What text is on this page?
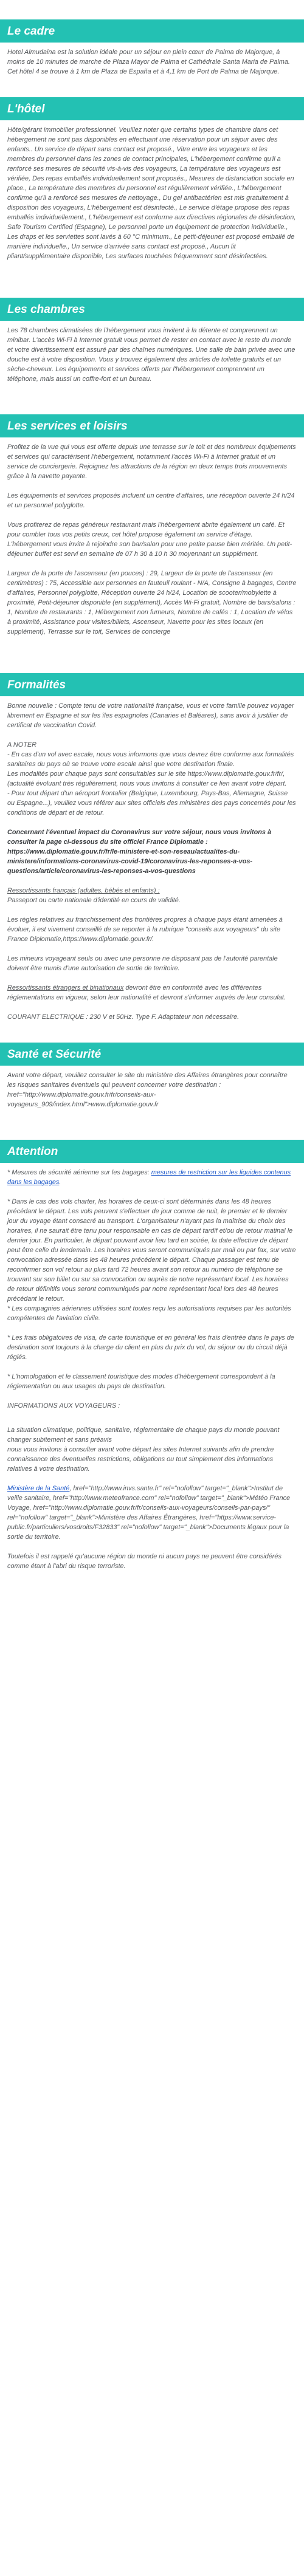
Le cadre

Hotel Almudaina est la solution idéale pour un séjour en plein cœur de Palma de Majorque, à moins de 10 minutes de marche de Plaza Mayor de Palma et Cathédrale Santa Maria de Palma. Cet hôtel 4 se trouve à 1 km de Plaza de España et à 4,1 km de Port de Palma de Majorque.

L'hôtel

Hôte/gérant immobilier professionnel. Veuillez noter que certains types de chambre dans cet hébergement ne sont pas disponibles en effectuant une réservation pour un séjour avec des enfants.. Un service de départ sans contact est proposé., Vitre entre les voyageurs et les membres du personnel dans les zones de contact principales, L'hébergement confirme qu'il a renforcé ses mesures de sécurité vis-à-vis des voyageurs, La température des voyageurs est vérifiée, Des repas emballés individuellement sont proposés., Mesures de distanciation sociale en place., La température des membres du personnel est régulièrement vérifiée., L'hébergement confirme qu'il a renforcé ses mesures de nettoyage., Du gel antibactérien est mis gratuitement à disposition des voyageurs, L'hébergement est désinfecté., Le service d'étage propose des repas emballés individuellement., L'hébergement est conforme aux directives régionales de désinfection, Safe Tourism Certified (Espagne), Le personnel porte un équipement de protection individuelle., Les draps et les serviettes sont lavés à 60 °C minimum., Le petit-déjeuner est proposé emballé de manière individuelle., Un service d'arrivée sans contact est proposé., Aucun lit pliant/supplémentaire disponible, Les surfaces touchées fréquemment sont désinfectées.

Les chambres

Les 78 chambres climatisées de l'hébergement vous invitent à la détente et comprennent un minibar. L'accès Wi-Fi à Internet gratuit vous permet de rester en contact avec le reste du monde et votre divertissement est assuré par des chaînes numériques. Une salle de bain privée avec une douche est à votre disposition. Vous y trouvez également des articles de toilette gratuits et un sèche-cheveux. Les équipements et services offerts par l'hébergement comprennent un téléphone, mais aussi un coffre-fort et un bureau.

Les services et loisirs

Profitez de la vue qui vous est offerte depuis une terrasse sur le toit et des nombreux équipements et services qui caractérisent l'hébergement, notamment l'accès Wi-Fi à Internet gratuit et un service de conciergerie. Rejoignez les attractions de la région en deux temps trois mouvements grâce à la navette payante.

Les équipements et services proposés incluent un centre d'affaires, une réception ouverte 24 h/24 et un personnel polyglotte.

Vous profiterez de repas généreux restaurant mais l'hébergement abrite également un café. Et pour combler tous vos petits creux, cet hôtel propose également un service d'étage. L'hébergement vous invite à rejoindre son bar/salon pour une petite pause bien méritée. Un petit-déjeuner buffet est servi en semaine de 07 h 30 à 10 h 30 moyennant un supplément.

Largeur de la porte de l'ascenseur (en pouces) : 29, Largeur de la porte de l'ascenseur (en centimètres) : 75, Accessible aux personnes en fauteuil roulant - N/A, Consigne à bagages, Centre d'affaires, Personnel polyglotte, Réception ouverte 24 h/24, Location de scooter/mobylette à proximité, Petit-déjeuner disponible (en supplément), Accès Wi-Fi gratuit, Nombre de bars/salons : 1, Nombre de restaurants : 1, Hébergement non fumeurs, Nombre de cafés : 1, Location de vélos à proximité, Assistance pour visites/billets, Ascenseur, Navette pour les sites locaux (en supplément), Terrasse sur le toit, Services de concierge

Formalités

Bonne nouvelle : Compte tenu de votre nationalité française, vous et votre famille pouvez voyager librement en Espagne et sur les îles espagnoles (Canaries et Baléares), sans avoir à justifier de certificat de vaccination Covid.

A NOTER

- En cas d'un vol avec escale, nous vous informons que vous devrez être conforme aux formalités sanitaires du pays où se trouve votre escale ainsi que votre destination finale.
Les modalités pour chaque pays sont consultables sur le site https://www.diplomatie.gouv.fr/fr/, (actualité évoluant très régulièrement, nous vous invitons à consulter ce lien avant votre départ.
- Pour tout départ d'un aéroport frontalier (Belgique, Luxembourg, Pays-Bas, Allemagne, Suisse ou Espagne...), veuillez vous référer aux sites officiels des ministères des pays concernés pour les conditions de départ et de retour.

Concernant l'éventuel impact du Coronavirus sur votre séjour, nous vous invitons à consulter la page ci-dessous du site officiel France Diplomatie : https://www.diplomatie.gouv.fr/fr/le-ministere-et-son-reseau/actualites-du-ministere/informations-coronavirus-covid-19/coronavirus-les-reponses-a-vos-questions/article/coronavirus-les-reponses-a-vos-questions

Ressortissants français (adultes, bébés et enfants) :
Passeport ou carte nationale d'identité en cours de validité.

Les règles relatives au franchissement des frontières propres à chaque pays étant amenées à évoluer, il est vivement conseillé de se reporter à la rubrique "conseils aux voyageurs" du site France Diplomatie,https://www.diplomatie.gouv.fr/.

Les mineurs voyageant seuls ou avec une personne ne disposant pas de l'autorité parentale doivent être munis d'une autorisation de sortie de territoire.

Ressortissants étrangers et binationaux devront être en conformité avec les différentes réglementations en vigueur, selon leur nationalité et devront s'informer auprès de leur consulat.

COURANT ELECTRIQUE : 230 V et 50Hz. Type F. Adaptateur non nécessaire.

Santé et Sécurité

Avant votre départ, veuillez consulter le site du ministère des Affaires étrangères pour connaître les risques sanitaires éventuels qui peuvent concerner votre destination : href="http://www.diplomatie.gouv.fr/fr/conseils-aux-voyageurs_909/index.html">www.diplomatie.gouv.fr

Attention

* Mesures de sécurité aérienne sur les bagages: mesures de restriction sur les liquides contenus dans les bagages.

* Dans le cas des vols charter, les horaires de ceux-ci sont déterminés dans les 48 heures précédant le départ. Les vols peuvent s'effectuer de jour comme de nuit, le premier et le dernier jour du voyage étant consacré au transport. L'organisateur n'ayant pas la maîtrise du choix des horaires, il ne saurait être tenu pour responsable en cas de départ tardif et/ou de retour matinal le dernier jour. En particulier, le départ pouvant avoir lieu tard en soirée, la date effective de départ peut être celle du lendemain. Les horaires vous seront communiqués par mail ou par fax, sur votre convocation adressée dans les 48 heures précédent le départ. Chaque passager est tenu de reconfirmer son vol retour au plus tard 72 heures avant son retour au numéro de téléphone se trouvant sur son billet ou sur sa convocation ou auprès de notre représentant local. Les horaires de retour définitifs vous seront communiqués par notre représentant local lors des 48 heures précédant le retour.
* Les compagnies aériennes utilisées sont toutes reçu les autorisations requises par les autorités compétentes de l'aviation civile.

* Les frais obligatoires de visa, de carte touristique et en général les frais d'entrée dans le pays de destination sont toujours à la charge du client en plus du prix du vol, du séjour ou du circuit déjà réglés.

* L'homologation et le classement touristique des modes d'hébergement correspondent à la réglementation ou aux usages du pays de destination.

INFORMATIONS AUX VOYAGEURS :

La situation climatique, politique, sanitaire, réglementaire de chaque pays du monde pouvant changer subitement et sans préavis
nous vous invitons à consulter avant votre départ les sites Internet suivants afin de prendre connaissance des éventuelles restrictions, obligations ou tout simplement des informations relatives à votre destination.

Ministère de la Santé, href="http://www.invs.sante.fr" rel="nofollow" target="_blank">Institut de veille sanitaire, href="http://www.meteofrance.com" rel="nofollow" target="_blank">Météo France Voyage, href="http://www.diplomatie.gouv.fr/fr/conseils-aux-voyageurs/conseils-par-pays/" rel="nofollow" target="_blank">Ministère des Affaires Étrangères, href="https://www.service-public.fr/particuliers/vosdroits/F32833" rel="nofollow" target="_blank">Documents légaux pour la sortie du territoire.

Toutefois il est rappelé qu'aucune région du monde ni aucun pays ne peuvent être considérés comme étant à l'abri du risque terroriste.
